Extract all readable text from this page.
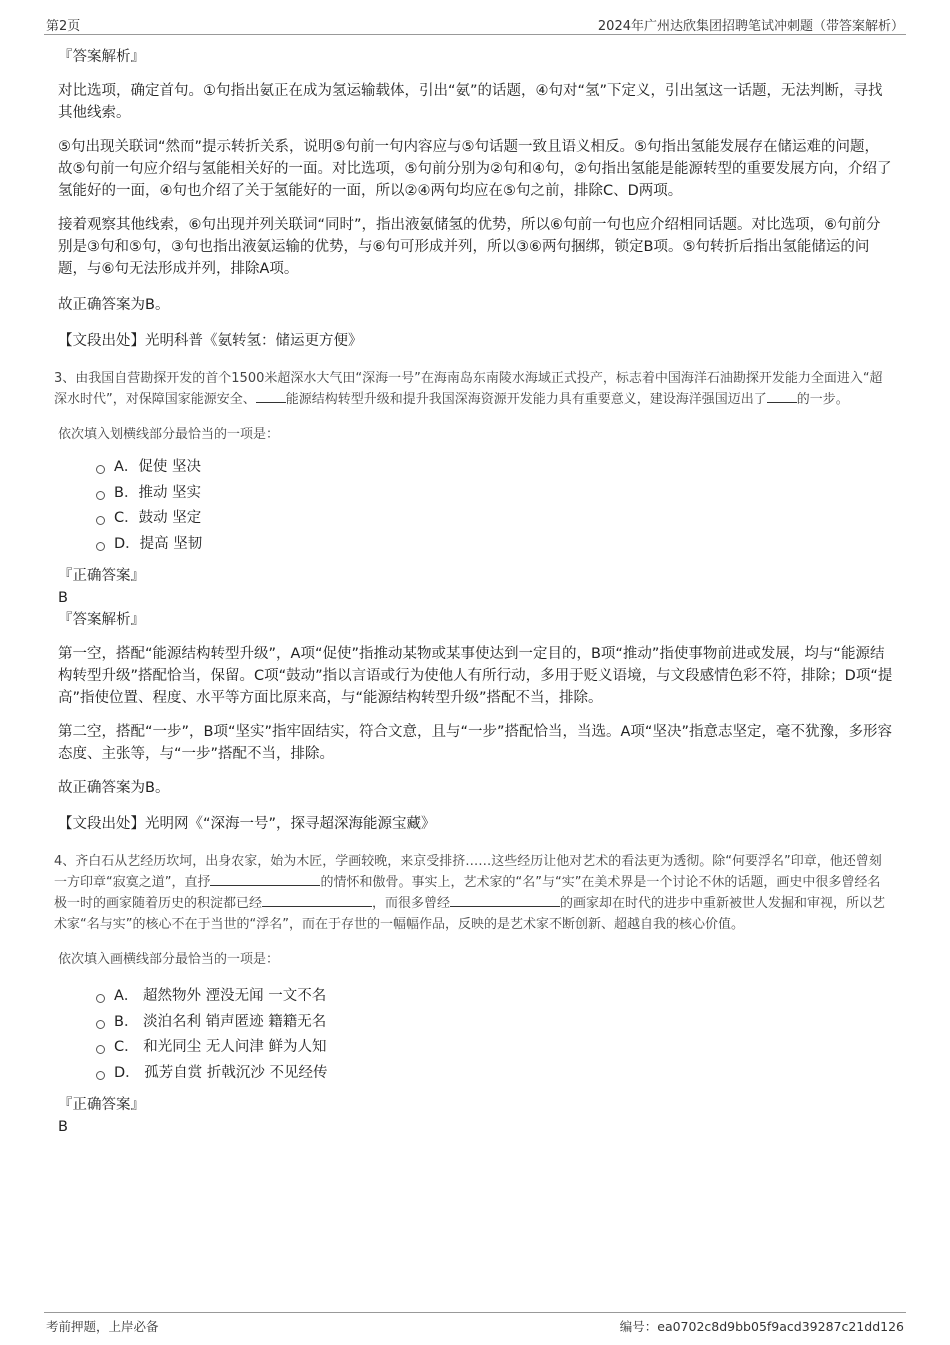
第2页	2024年广州达欣集团招聘笔试冲刺题（带答案解析）

『答案解析』

对比选项，确定首句。①句指出氨正在成为氢运输载体，引出“氨”的话题，④句对“氢”下定义，引出氢这一话题，无法判断，寻找其他线索。

⑤句出现关联词“然而”提示转折关系，说明⑤句前一句内容应与⑤句话题一致且语义相反。⑤句指出氢能发展存在储运难的问题，故⑤句前一句应介绍与氢能相关好的一面。对比选项，⑤句前分别为②句和④句，②句指出氢能是能源转型的重要发展方向，介绍了氢能好的一面，④句也介绍了关于氢能好的一面，所以②④两句均应在⑤句之前，排除C、D两项。

接着观察其他线索，⑥句出现并列关联词“同时”，指出液氨储氢的优势，所以⑥句前一句也应介绍相同话题。对比选项，⑥句前分别是③句和⑤句，③句也指出液氨运输的优势，与⑥句可形成并列，所以③⑥两句捆绑，锁定B项。⑤句转折后指出氢能储运的问题，与⑥句无法形成并列，排除A项。

故正确答案为B。

【文段出处】光明科普《氨转氢：储运更方便》

3、由我国自营勘探开发的首个1500米超深水大气田“深海一号”在海南岛东南陵水海域正式投产，标志着中国海洋石油勘探开发能力全面进入“超深水时代”，对保障国家能源安全、 能源结构转型升级和提升我国深海资源开发能力具有重要意义，建设海洋强国迈出了 的一步。

依次填入划横线部分最恰当的一项是：

A． 促使 坚决
B． 推动 坚实
C． 鼓动 坚定
D． 提高 坚韧

『正确答案』

B

『答案解析』

第一空，搭配“能源结构转型升级”，A项“促使”指推动某物或某事使达到一定目的，B项“推动”指使事物前进或发展，均与“能源结构转型升级”搭配恰当，保留。C项“鼓动”指以言语或行为使他人有所行动，多用于贬义语境，与文段感情色彩不符，排除；D项“提高”指使位置、程度、水平等方面比原来高，与“能源结构转型升级”搭配不当，排除。

第二空，搭配“一步”，B项“坚实”指牢固结实，符合文意，且与“一步”搭配恰当，当选。A项“坚决”指意志坚定，毫不犹豫，多形容态度、主张等，与“一步”搭配不当，排除。

故正确答案为B。

【文段出处】光明网《“深海一号”，探寻超深海能源宝藏》

4、齐白石从艺经历坎坷，出身农家，始为木匠，学画较晚，来京受排挤……这些经历让他对艺术的看法更为透彻。除“何要浮名”印章，他还曾刻一方印章“寂寞之道”，直抒	的情怀和傲骨。事实上，艺术家的“名”与“实”在美术界是一个讨论不休的话题，画史中很多曾经名极一时的画家随着历史的积淀都已经	，而很多曾经	的画家却在时代的进步中重新被世人发掘和审视，所以艺术家“名与实”的核心不在于当世的“浮名”，而在于存世的一幅幅作品，反映的是艺术家不断创新、超越自我的核心价值。

依次填入画横线部分最恰当的一项是：

A．
超然物外 湮没无闻 一文不名
B．
淡泊名利 销声匿迹 籍籍无名
C．
和光同尘 无人问津 鲜为人知
D．
孤芳自赏 折戟沉沙 不见经传

『正确答案』

B

考前押题，上岸必备	编号：ea0702c8d9bb05f9acd39287c21dd126
